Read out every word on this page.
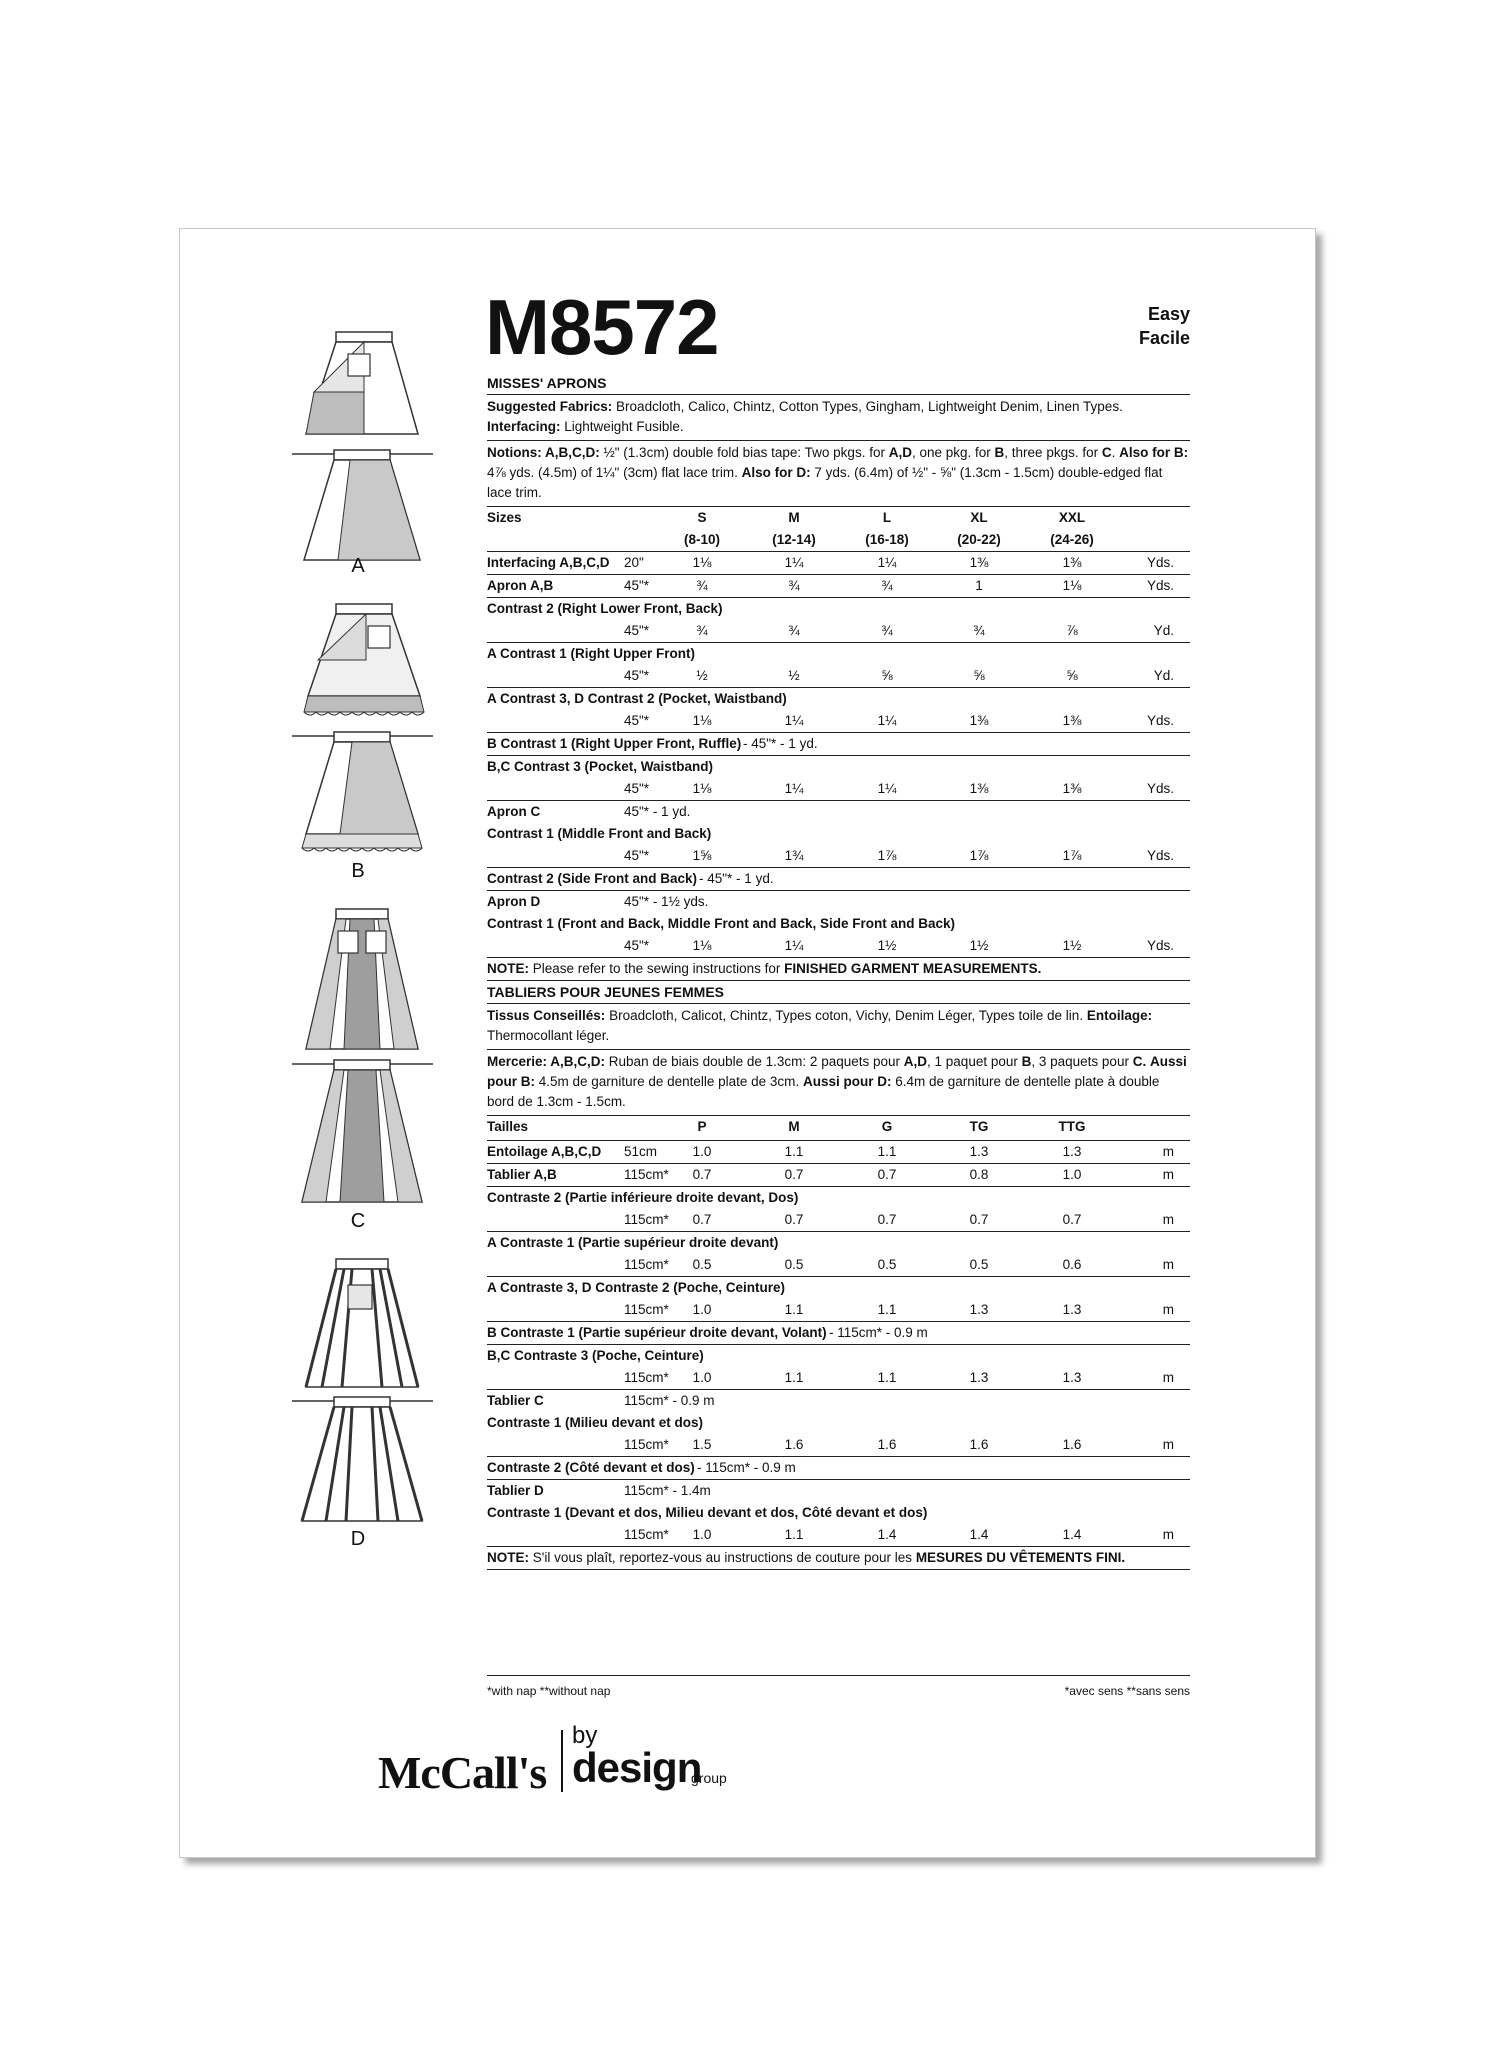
A
B
C
D
M8572	Easy
Facile
MISSES' APRONS
Suggested Fabrics: Broadcloth, Calico, Chintz, Cotton Types, Gingham, Lightweight Denim, Linen Types. Interfacing: Lightweight Fusible.
Notions: A,B,C,D: ½" (1.3cm) double fold bias tape: Two pkgs. for A,D, one pkg. for B, three pkgs. for C. Also for B: 4⅞ yds. (4.5m) of 1¼" (3cm) flat lace trim. Also for D: 7 yds. (6.4m) of ½" - ⅝" (1.3cm - 1.5cm) double-edged flat lace trim.
Sizes	S	M	L	XL	XXL
(8-10)	(12-14)	(16-18)	(20-22)	(24-26)
Interfacing A,B,C,D 20"	1⅛	1¼	1¼	1⅜	1⅜	Yds.
Apron A,B	45"*	¾	¾	¾	1	1⅛	Yds.
Contrast 2 (Right Lower Front, Back)
45"*	¾	¾	¾	¾	⅞	Yd.
A Contrast 1 (Right Upper Front)
45"*	½	½	⅝	⅝	⅝	Yd.
A Contrast 3, D Contrast 2 (Pocket, Waistband)
45"*	1⅛	1¼	1¼	1⅜	1⅜	Yds.
B Contrast 1 (Right Upper Front, Ruffle) - 45"* - 1 yd.
B,C Contrast 3 (Pocket, Waistband)
45"*	1⅛	1¼	1¼	1⅜	1⅜	Yds.
Apron C	45"* - 1 yd.
Contrast 1 (Middle Front and Back)
45"*	1⅝	1¾	1⅞	1⅞	1⅞	Yds.
Contrast 2 (Side Front and Back) - 45"* - 1 yd.
Apron D	45"* - 1½ yds.
Contrast 1 (Front and Back, Middle Front and Back, Side Front and Back)
45"*	1⅛	1¼	1½	1½	1½	Yds.
NOTE: Please refer to the sewing instructions for FINISHED GARMENT MEASUREMENTS.
TABLIERS POUR JEUNES FEMMES
Tissus Conseillés: Broadcloth, Calicot, Chintz, Types coton, Vichy, Denim Léger, Types toile de lin. Entoilage: Thermocollant léger.
Mercerie: A,B,C,D: Ruban de biais double de 1.3cm: 2 paquets pour A,D, 1 paquet pour B, 3 paquets pour C. Aussi pour B: 4.5m de garniture de dentelle plate de 3cm. Aussi pour D: 6.4m de garniture de dentelle plate à double bord de 1.3cm - 1.5cm.
Tailles	P	M	G	TG	TTG
Entoilage A,B,C,D 51cm	1.0	1.1	1.1	1.3	1.3	m
Tablier A,B	115cm*	0.7	0.7	0.7	0.8	1.0	m
Contraste 2 (Partie inférieure droite devant, Dos)
115cm*	0.7	0.7	0.7	0.7	0.7	m
A Contraste 1 (Partie supérieur droite devant)
115cm*	0.5	0.5	0.5	0.5	0.6	m
A Contraste 3, D Contraste 2 (Poche, Ceinture)
115cm*	1.0	1.1	1.1	1.3	1.3	m
B Contraste 1 (Partie supérieur droite devant, Volant) - 115cm* - 0.9 m
B,C Contraste 3 (Poche, Ceinture)
115cm*	1.0	1.1	1.1	1.3	1.3	m
Tablier C	115cm* - 0.9 m
Contraste 1 (Milieu devant et dos)
115cm*	1.5	1.6	1.6	1.6	1.6	m
Contraste 2 (Côté devant et dos) - 115cm* - 0.9 m
Tablier D	115cm* - 1.4m
Contraste 1 (Devant et dos, Milieu devant et dos, Côté devant et dos)
115cm*	1.0	1.1	1.4	1.4	1.4	m
NOTE: S'il vous plaît, reportez-vous au instructions de couture pour les MESURES DU VÊTEMENTS FINI.
*with nap **without nap	*avec sens **sans sens
McCall's
by
design
group
